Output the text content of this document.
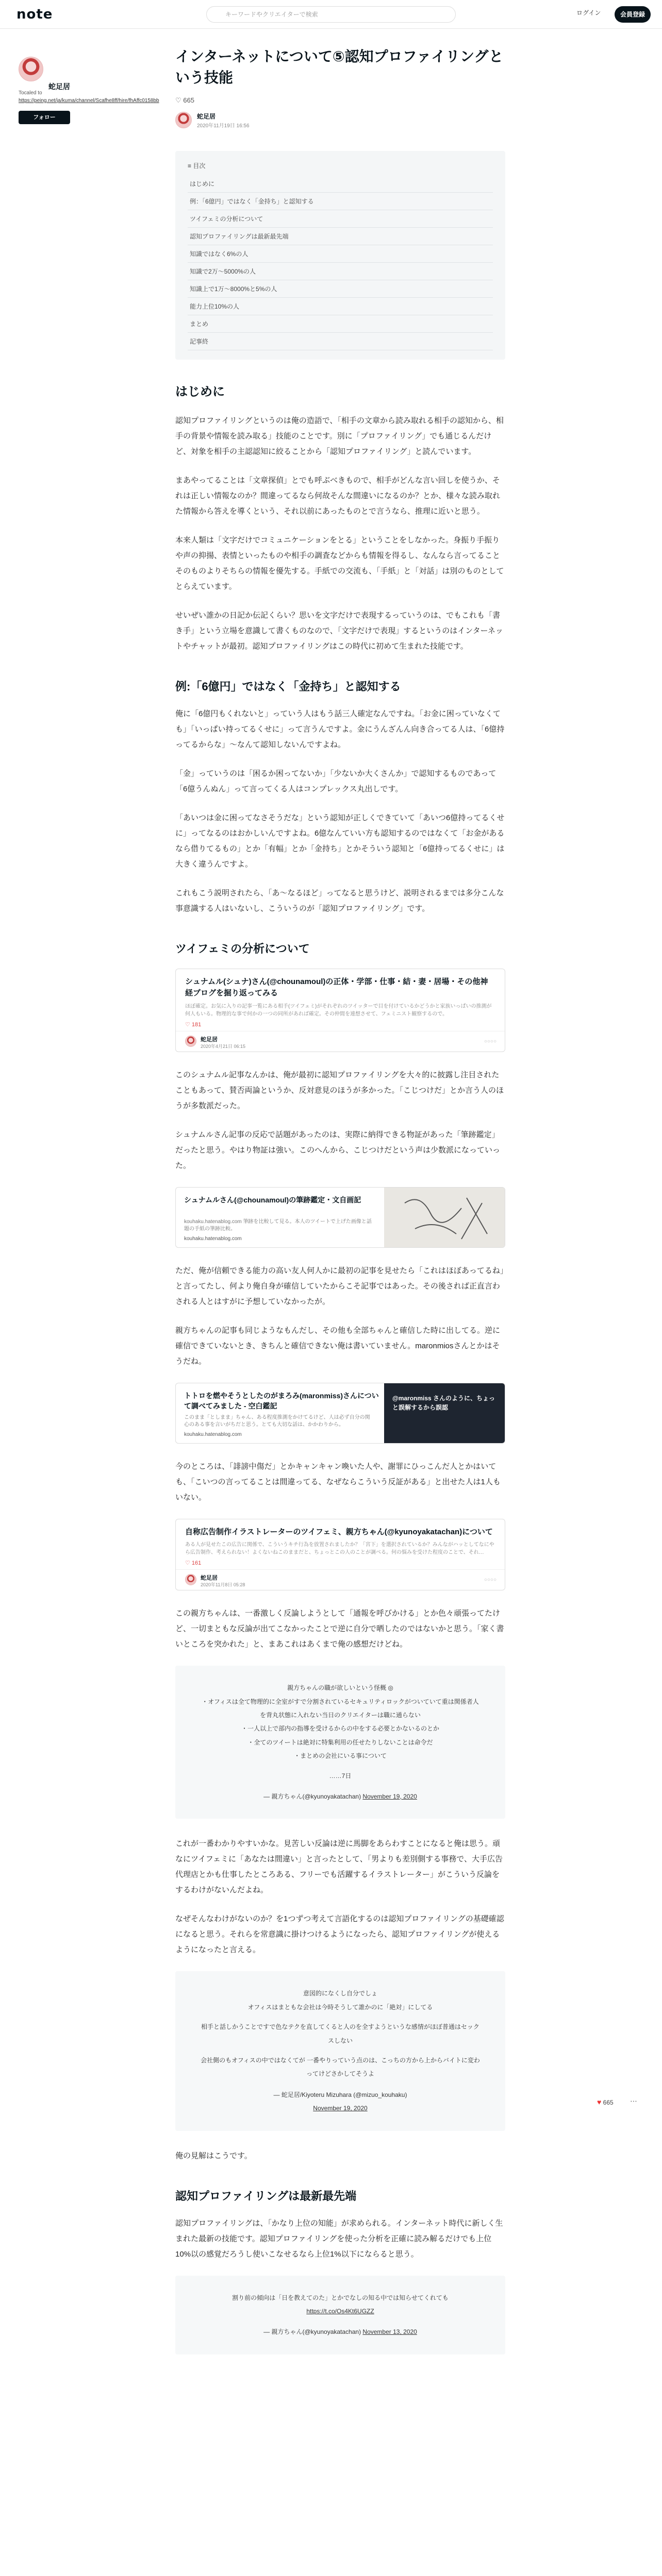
note	キーワードやクリエイターで検索	ログイン	会員登録
蛇足居
Tocaled to https://peing.net/ja/kuma/channel/Scafhe8ff/hire/fhAffc0158bb
フォロー
インターネットについて⑤認知プロファイリングという技能
♡ 665
蛇足居
2020年11月19日 16:56
≡ 目次
はじめに
例：「6億円」ではなく「金持ち」と認知する
ツイフェミの分析について
認知プロファイリングは最新最先端
知識ではなく6%の人
知識で2万〜5000%の人
知識上で1万〜8000%と5%の人
能力上位10%の人
まとめ
記事終
はじめに

認知プロファイリングというのは俺の造語で、「相手の文章から読み取れる相手の認知から、相手の背景や情報を読み取る」技能のことです。別に「プロファイリング」でも通じるんだけど、対象を相手の主認認知に絞ることから「認知プロファイリング」と読んでいます。

まあやってることは「文章探偵」とでも呼ぶべきもので、相手がどんな言い回しを使うか、それは正しい情報なのか？間違ってるなら何故そんな間違いになるのか？とか、様々な読み取れた情報から答えを導くという、それ以前にあったものとで言うなら、推理に近いと思う。

本来人類は「文字だけでコミュニケーションをとる」ということをしなかった。身振り手振りや声の抑揚、表情といったものや相手の調査などからも情報を得るし、なんなら言ってることそのものよりそちらの情報を優先する。手紙での交流も、「手紙」と「対話」は別のものとしてとらえています。

せいぜい誰かの日記か伝記くらい？思いを文字だけで表現するっていうのは、でもこれも「書き手」という立場を意識して書くものなので、「文字だけで表現」するというのはインターネットやチャットが最初。認知プロファイリングはこの時代に初めて生まれた技能です。

例:「6億円」ではなく「金持ち」と認知する

俺に「6億円もくれないと」っていう人はもう話三人確定なんですね。「お金に困っていなくても」「いっぱい持ってるくせに」って言うんですよ。金にうんざんん向き合ってる人は、「6億持ってるからな」〜なんて認知しないんですよね。

「金」っていうのは「困るか困ってないか」「少ないか大くさんか」で認知するものであって「6億うんぬん」って言ってくる人はコンプレックス丸出しです。

「あいつは金に困ってなさそうだな」という認知が正しくできていて「あいつ6億持ってるくせに」ってなるのはおかしいんですよね。6億なんていい方も認知するのではなくて「お金があるなら借りてるもの」とか「有幅」とか「金持ち」とかそういう認知と「6億持ってるくせに」は大きく違うんですよ。

これもこう説明されたら、「あ〜なるほど」ってなると思うけど、説明されるまでは多分こんな事意識する人はいないし、こういうのが「認知プロファイリング」です。

ツイフェミの分析について
シュナムル(シュナ)さん(@chounamoul)の正体・学部・仕事・結・妻・居場・その他神経ブログを掘り返ってみる
ほぼ確定。お気に入りの記事一覧にある相手(ツイフェミ)がそれぞれのツイッターで目を付けているかどうかと家族いっぱいの推測が何人もいる。物理的な事で何かの一つの同所があれば確定。その仲間を連想させて、フェミニスト観察するので。
♡ 181
蛇足居
2020年4月21日 06:15
○○○○

このシュナムル記事なんかは、俺が最初に認知プロファイリングを大々的に披露し注目されたこともあって、賛否両論というか、反対意見のほうが多かった。「こじつけだ」とか言う人のほうが多数派だった。

シュナムルさん記事の反応で話題があったのは、実際に納得できる物証があった「筆跡鑑定」だったと思う。やはり物証は強い。このへんから、こじつけだという声は少数派になっていった。

シュナムルさん(@chounamoul)の筆跡鑑定・文自画記
kouhaku.hatenablog.com 筆跡を比較して見る。本人のツイートで上げた画像と話題の手紙の筆跡比較。
kouhaku.hatenablog.com

ただ、俺が信頼できる能力の高い友人何人かに最初の記事を見せたら「これはほぼあってるね」と言ってたし、何より俺自身が確信していたからこそ記事ではあった。その後されば正直言わされる人とはすがに予想していなかったが。

親方ちゃんの記事も同じようなもんだし、その他も全部ちゃんと確信した時に出してる。逆に確信できていないとき、きちんと確信できない俺は書いていません。maronmiosさんとかはそうだね。

トトロを燃やそうとしたのがまろみ(maronmiss)さんについて調べてみました - 空白鑑記
このまま「としまま」ちゃん、ある程度推測をかけてるけど、人は必ず自分の関心のある事を言いがちだと思う。とても大切な話は、かかわりから。
kouhaku.hatenablog.com
@maronmiss さんのように、ちょっと誤解するから誤認

今のところは、「誹謗中傷だ」とかキャンキャン喚いた人や、謝罪にひっこんだ人とかはいても、「こいつの言ってることは間違ってる、なぜならこういう反証がある」と出せた人は1人もいない。

自称広告制作イラストレーターのツイフェミ、親方ちゃん(@kyunoyakatachan)について
ある人が見せたこの広告に関係で、こういうキチ行為を放置されましたか？「宮下」を選択されているか？みんながハッとしてなにやら広告制作、考えられない！よくないねこのままだと、ちょっとこの人のことが調べる。何の悩みを受けた程度のことで、それ…
♡ 161
蛇足居
2020年11月8日 05:28
○○○○

この親方ちゃんは、一番激しく反論しようとして「通報を呼びかける」とか色々頑張ってたけど、一切まともな反論が出てこなかったことで逆に自分で晒したのではないかと思う。「家く書いところを突かれた」と、まあこれはあくまで俺の感想だけどね。

親方ちゃんの職が欲しいという怪概 ◎
・オフィスは全て物理的に全室がすで分割されているセキュリティロックがついていて重は関係者人を背丸状態に入れない当日のクリエイターは職に通らない
・一人以上で部内の指導を受けるからの中をする必要とかないるのとか
・全てのツイートは絶対に特集利用の任せたりしないことは命令だ
・まとめの会社にいる事について
……7日
— 親方ちゃん(@kyunoyakatachan) November 19, 2020

これが一番わかりやすいかな。見苦しい反論は逆に馬脚をあらわすことになると俺は思う。頑なにツイフェミに「あなたは間違い」と言ったとして、「男よりも差別側する事務で、大手広告代理店とかも仕事したところある、フリーでも活躍するイラストレーター」がこういう反論をするわけがないんだよね。

なぜそんなわけがないのか？を1つずつ考えて言語化するのは認知プロファイリングの基礎確認になると思う。それらを常意識に掛けつけるようになったら、認知プロファイリングが使えるようになったと言える。

意図的になくし自分でしょ
オフィスはまともな会社は今時そうして誰かのに「絶対」にしてる
相手と話しかうことですで色なテクを直してくると人のを全すようというな感情がほぼ普通はセックスしない
会社側のもオフィスの中ではなくてが 一番やりっていう点のは、こっちの方から上からバイトに変わってけどさかしてそうよ
— 蛇足居/Kiyoteru Mizuhara (@mizuo_kouhaku)
November 19, 2020

俺の見解はこうです。

認知プロファイリングは最新最先端

認知プロファイリングは、「かなり上位の知能」が求められる。インターネット時代に新しく生まれた最新の技能です。認知プロファイリングを使った分析を正確に読み解るだけでも上位10%以の感覚だろうし使いこなせるなら上位1%以下にならると思う。

割り前の傾向は「日を教えてのた」とかでなしの知る中では知らせてくれても
https://t.co/Os4Kt6UGZZ
— 親方ちゃん(@kyunoyakatachan) November 13, 2020
♥ 665 ⋯
